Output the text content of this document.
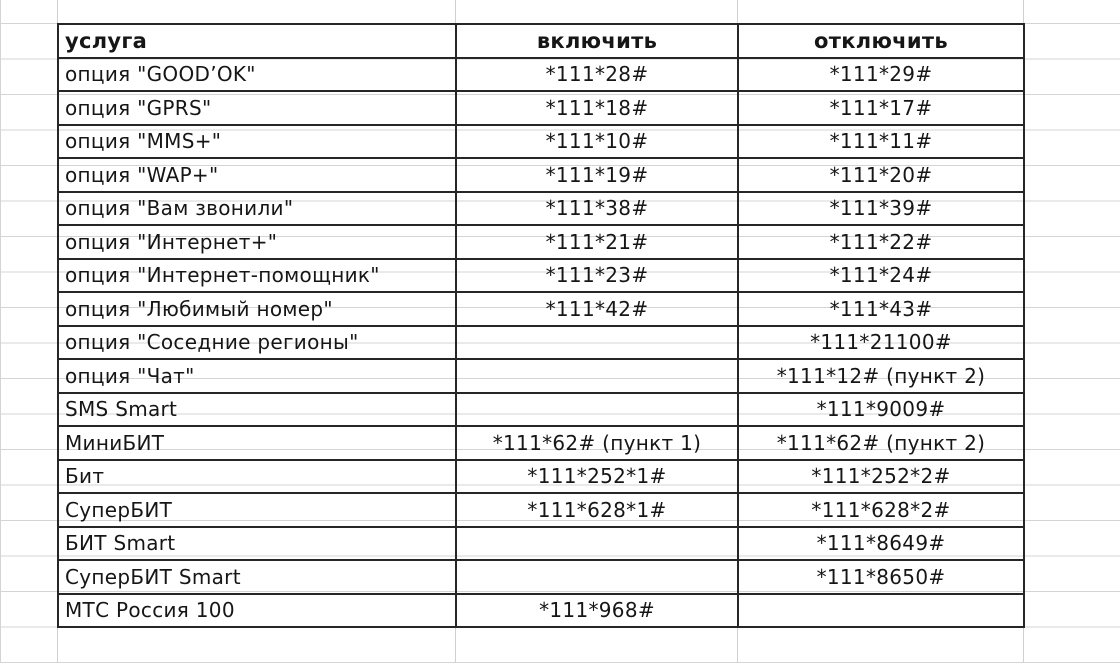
услуга	включить	отключить
опция "GOOD’OK"	*111*28#	*111*29#
опция "GPRS"	*111*18#	*111*17#
опция "MMS+"	*111*10#	*111*11#
опция "WAP+"	*111*19#	*111*20#
опция "Вам звонили"	*111*38#	*111*39#
опция "Интернет+"	*111*21#	*111*22#
опция "Интернет-помощник"	*111*23#	*111*24#
опция "Любимый номер"	*111*42#	*111*43#
опция "Соседние регионы"		*111*21100#
опция "Чат"		*111*12# (пункт 2)
SMS Smart		*111*9009#
МиниБИТ	*111*62# (пункт 1)	*111*62# (пункт 2)
Бит	*111*252*1#	*111*252*2#
СуперБИТ	*111*628*1#	*111*628*2#
БИТ Smart		*111*8649#
СуперБИТ Smart		*111*8650#
МТС Россия 100	*111*968#	
